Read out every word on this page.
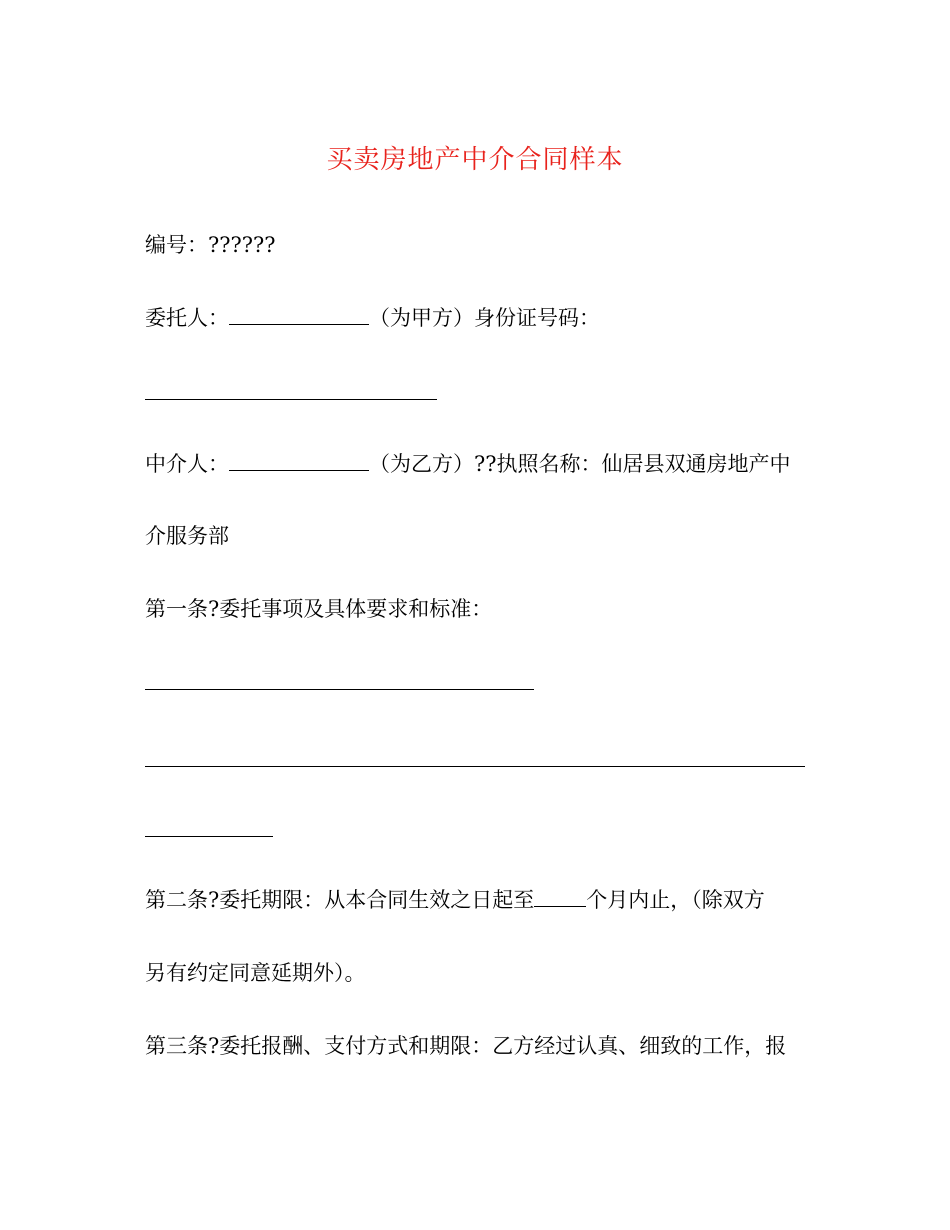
买卖房地产中介合同样本
编号：??????
委托人：	（为甲方）身份证号码：
中介人：	（为乙方）??执照名称：仙居县双通房地产中
介服务部
第一条?委托事项及具体要求和标准：
第二条?委托期限：从本合同生效之日起至 个月内止，（除双方
另有约定同意延期外）。
第三条?委托报酬、支付方式和期限：乙方经过认真、细致的工作，报
